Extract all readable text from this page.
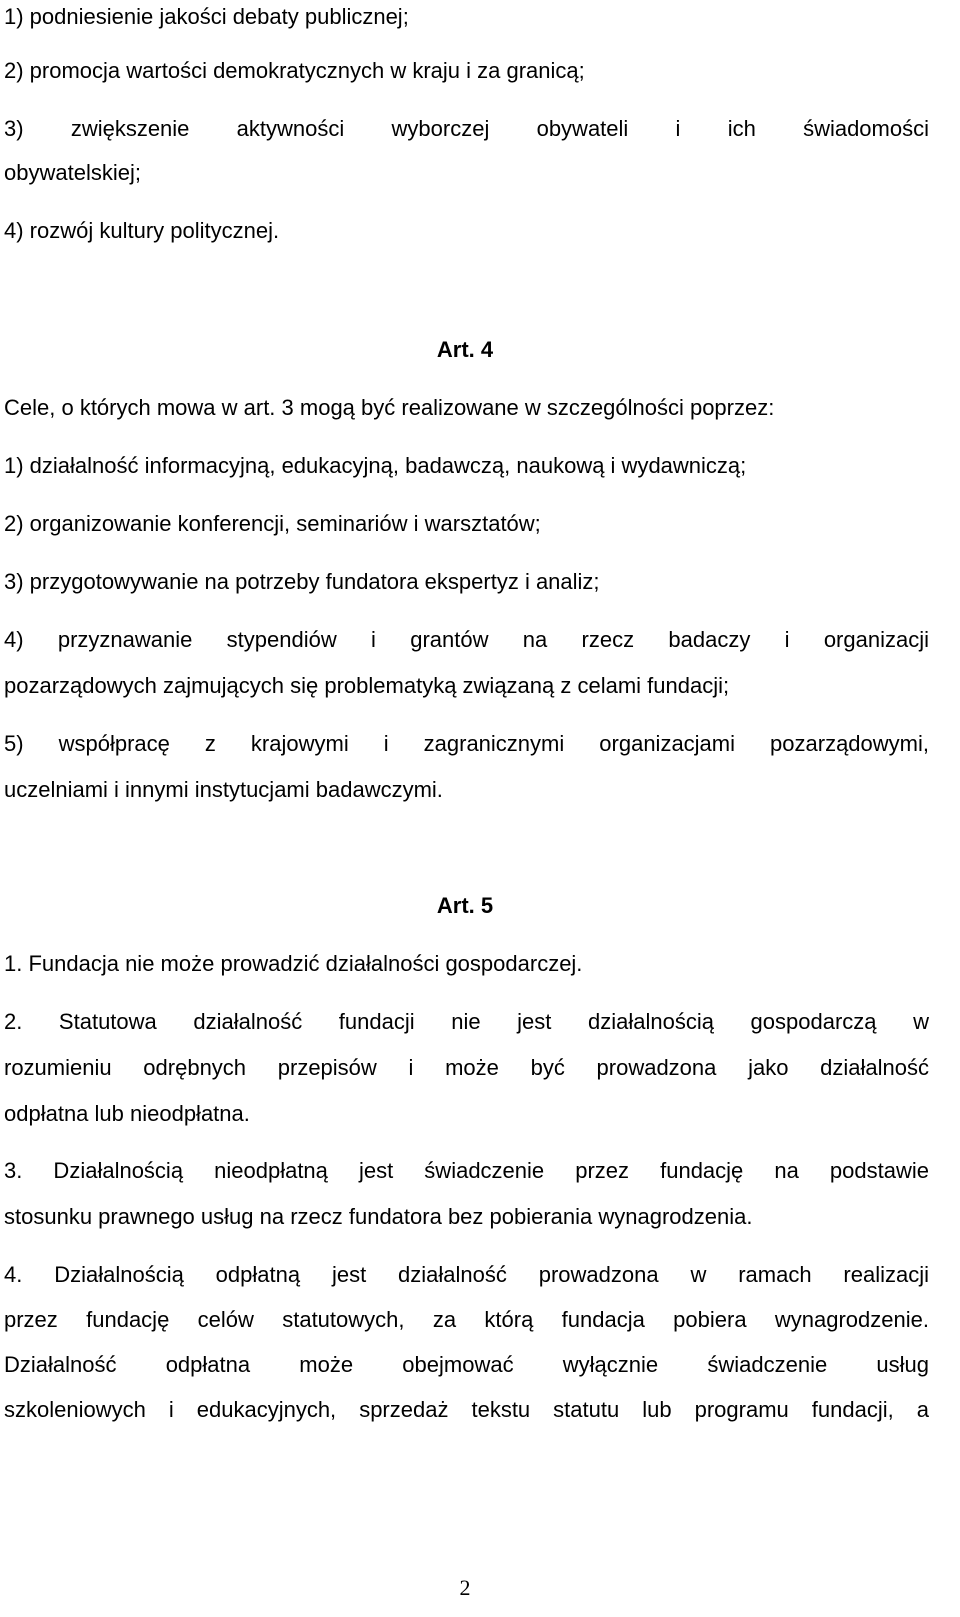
1) podniesienie jakości debaty publicznej;
2) promocja wartości demokratycznych w kraju i za granicą;
3) zwiększenie aktywności wyborczej obywateli i ich świadomości
obywatelskiej;
4) rozwój kultury politycznej.
Art. 4
Cele, o których mowa w art. 3 mogą być realizowane w szczególności poprzez:
1) działalność informacyjną, edukacyjną, badawczą, naukową i wydawniczą;
2) organizowanie konferencji, seminariów i warsztatów;
3) przygotowywanie na potrzeby fundatora ekspertyz i analiz;
4) przyznawanie stypendiów i grantów na rzecz badaczy i organizacji
pozarządowych zajmujących się problematyką związaną z celami fundacji;
5) współpracę z krajowymi i zagranicznymi organizacjami pozarządowymi,
uczelniami i innymi instytucjami badawczymi.
Art. 5
1. Fundacja nie może prowadzić działalności gospodarczej.
2. Statutowa działalność fundacji nie jest działalnością gospodarczą w
rozumieniu odrębnych przepisów i może być prowadzona jako działalność
odpłatna lub nieodpłatna.
3. Działalnością nieodpłatną jest świadczenie przez fundację na podstawie
stosunku prawnego usług na rzecz fundatora bez pobierania wynagrodzenia.
4. Działalnością odpłatną jest działalność prowadzona w ramach realizacji
przez fundację celów statutowych, za którą fundacja pobiera wynagrodzenie.
Działalność odpłatna może obejmować wyłącznie świadczenie usług
szkoleniowych i edukacyjnych, sprzedaż tekstu statutu lub programu fundacji, a
2
